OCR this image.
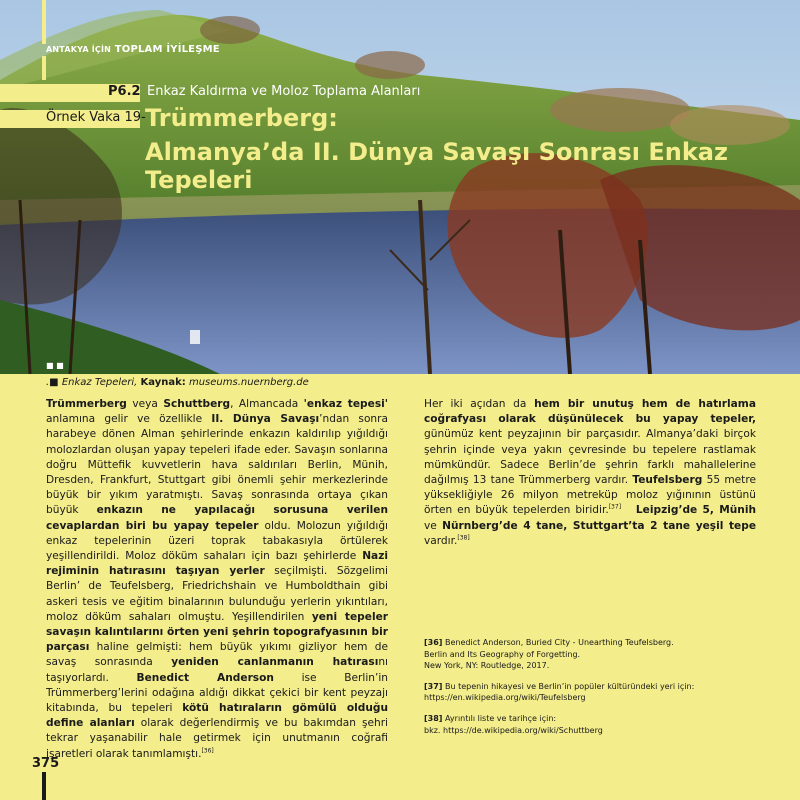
ANTAKYA İÇİN TOPLAM İYİLEŞME
P6.2 Enkaz Kaldırma ve Moloz Toplama Alanları
Örnek Vaka 19- Trümmerberg:
Almanya’da II. Dünya Savaşı Sonrası Enkaz Tepeleri
■ ■
.■ Enkaz Tepeleri, Kaynak: museums.nuernberg.de

Trümmerberg veya Schuttberg, Almancada 'enkaz tepesi' anlamına gelir ve özellikle II. Dünya Savaşı’ndan sonra harabeye dönen Alman şehirlerinde enkazın kaldırılıp yığıldığı molozlardan oluşan yapay tepeleri ifade eder. Savaşın sonlarına doğru Müttefik kuvvetlerin hava saldırıları Berlin, Münih, Dresden, Frankfurt, Stuttgart gibi önemli şehir merkezlerinde büyük bir yıkım yaratmıştı. Savaş sonrasında ortaya çıkan büyük enkazın ne yapılacağı sorusuna verilen cevaplardan biri bu yapay tepeler oldu. Molozun yığıldığı enkaz tepelerinin üzeri toprak tabakasıyla örtülerek yeşillendirildi. Moloz döküm sahaları için bazı şehirlerde Nazi rejiminin hatırasını taşıyan yerler seçilmişti. Sözgelimi Berlin’ de Teufelsberg, Friedrichshain ve Humboldthain gibi askeri tesis ve eğitim binalarının bulunduğu yerlerin yıkıntıları, moloz döküm sahaları olmuştu. Yeşillendirilen yeni tepeler savaşın kalıntılarını örten yeni şehrin topografyasının bir parçası haline gelmişti: hem büyük yıkımı gizliyor hem de savaş sonrasında yeniden canlanmanın hatırasını taşıyorlardı. Benedict Anderson ise Berlin’in Trümmerberg’lerini odağına aldığı dikkat çekici bir kent peyzajı kitabında, bu tepeleri kötü hatıraların gömülü olduğu define alanları olarak değerlendirmiş ve bu bakımdan şehri tekrar yaşanabilir hale getirmek için unutmanın coğrafi işaretleri olarak tanımlamıştı.[36]

Her iki açıdan da hem bir unutuş hem de hatırlama coğrafyası olarak düşünülecek bu yapay tepeler, günümüz kent peyzajının bir parçasıdır. Almanya’daki birçok şehrin içinde veya yakın çevresinde bu tepelere rastlamak mümkündür. Sadece Berlin’de şehrin farklı mahallelerine dağılmış 13 tane Trümmerberg vardır. Teufelsberg 55 metre yüksekliğiyle 26 milyon metreküp moloz yığınının üstünü örten en büyük tepelerden biridir.[37] Leipzig’de 5, Münih ve Nürnberg’de 4 tane, Stuttgart’ta 2 tane yeşil tepe vardır.[38]

[36] Benedict Anderson, Buried City - Unearthing Teufelsberg.
Berlin and Its Geography of Forgetting.
New York, NY: Routledge, 2017.
[37] Bu tepenin hikayesi ve Berlin’in popüler kültüründeki yeri için:
https://en.wikipedia.org/wiki/Teufelsberg
[38] Ayrıntılı liste ve tarihçe için:
bkz. https://de.wikipedia.org/wiki/Schuttberg
375
